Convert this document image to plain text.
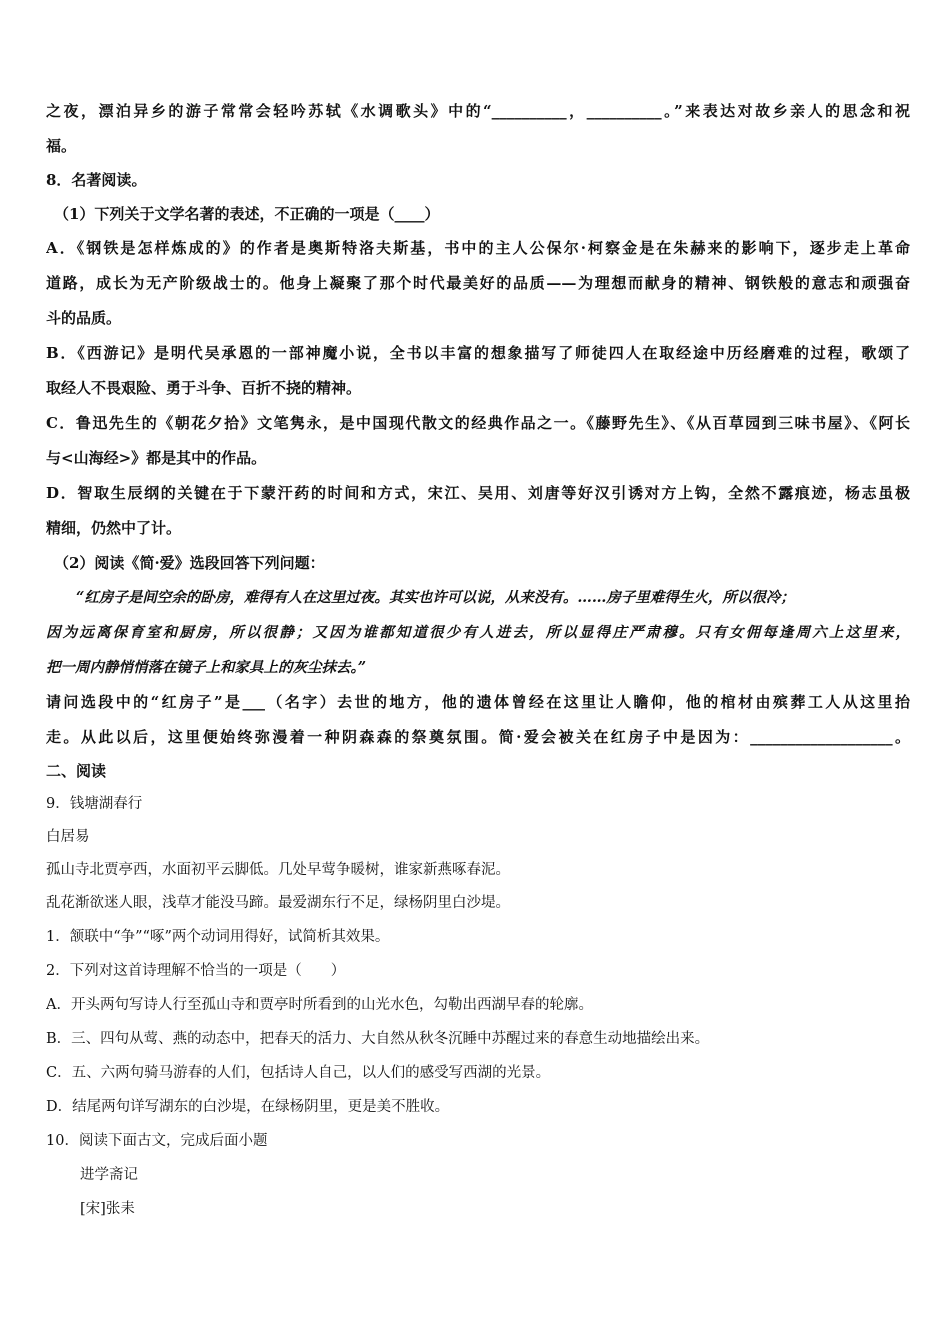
之夜，漂泊异乡的游子常常会轻吟苏轼《水调歌头》中的“__________，__________。”来表达对故乡亲人的思念和祝

福。

8．名著阅读。

（1）下列关于文学名著的表述，不正确的一项是（____）

A．《钢铁是怎样炼成的》的作者是奥斯特洛夫斯基，书中的主人公保尔·柯察金是在朱赫来的影响下，逐步走上革命

道路，成长为无产阶级战士的。他身上凝聚了那个时代最美好的品质——为理想而献身的精神、钢铁般的意志和顽强奋

斗的品质。

B．《西游记》是明代吴承恩的一部神魔小说，全书以丰富的想象描写了师徒四人在取经途中历经磨难的过程，歌颂了

取经人不畏艰险、勇于斗争、百折不挠的精神。

C．鲁迅先生的《朝花夕拾》文笔隽永，是中国现代散文的经典作品之一。《藤野先生》、《从百草园到三味书屋》、《阿长

与<山海经>》都是其中的作品。

D．智取生辰纲的关键在于下蒙汗药的时间和方式，宋江、吴用、刘唐等好汉引诱对方上钩，全然不露痕迹，杨志虽极

精细，仍然中了计。

（2）阅读《简·爱》选段回答下列问题：

“红房子是间空余的卧房，难得有人在这里过夜。其实也许可以说，从来没有。……房子里难得生火，所以很冷；

因为远离保育室和厨房，所以很静；又因为谁都知道很少有人进去，所以显得庄严肃穆。只有女佣每逢周六上这里来，

把一周内静悄悄落在镜子上和家具上的灰尘抹去。”

请问选段中的“红房子”是___（名字）去世的地方，他的遗体曾经在这里让人瞻仰，他的棺材由殡葬工人从这里抬

走。从此以后，这里便始终弥漫着一种阴森森的祭奠氛围。简·爱会被关在红房子中是因为：___________________。

二、阅读

9．钱塘湖春行

白居易

孤山寺北贾亭西，水面初平云脚低。几处早莺争暖树，谁家新燕啄春泥。

乱花渐欲迷人眼，浅草才能没马蹄。最爱湖东行不足，绿杨阴里白沙堤。

1．颔联中“争”“啄”两个动词用得好，试简析其效果。

2．下列对这首诗理解不恰当的一项是（　　）

A．开头两句写诗人行至孤山寺和贾亭时所看到的山光水色，勾勒出西湖早春的轮廓。

B．三、四句从莺、燕的动态中，把春天的活力、大自然从秋冬沉睡中苏醒过来的春意生动地描绘出来。

C．五、六两句骑马游春的人们，包括诗人自己，以人们的感受写西湖的光景。

D．结尾两句详写湖东的白沙堤，在绿杨阴里，更是美不胜收。

10．阅读下面古文，完成后面小题

进学斋记

[宋]张耒
